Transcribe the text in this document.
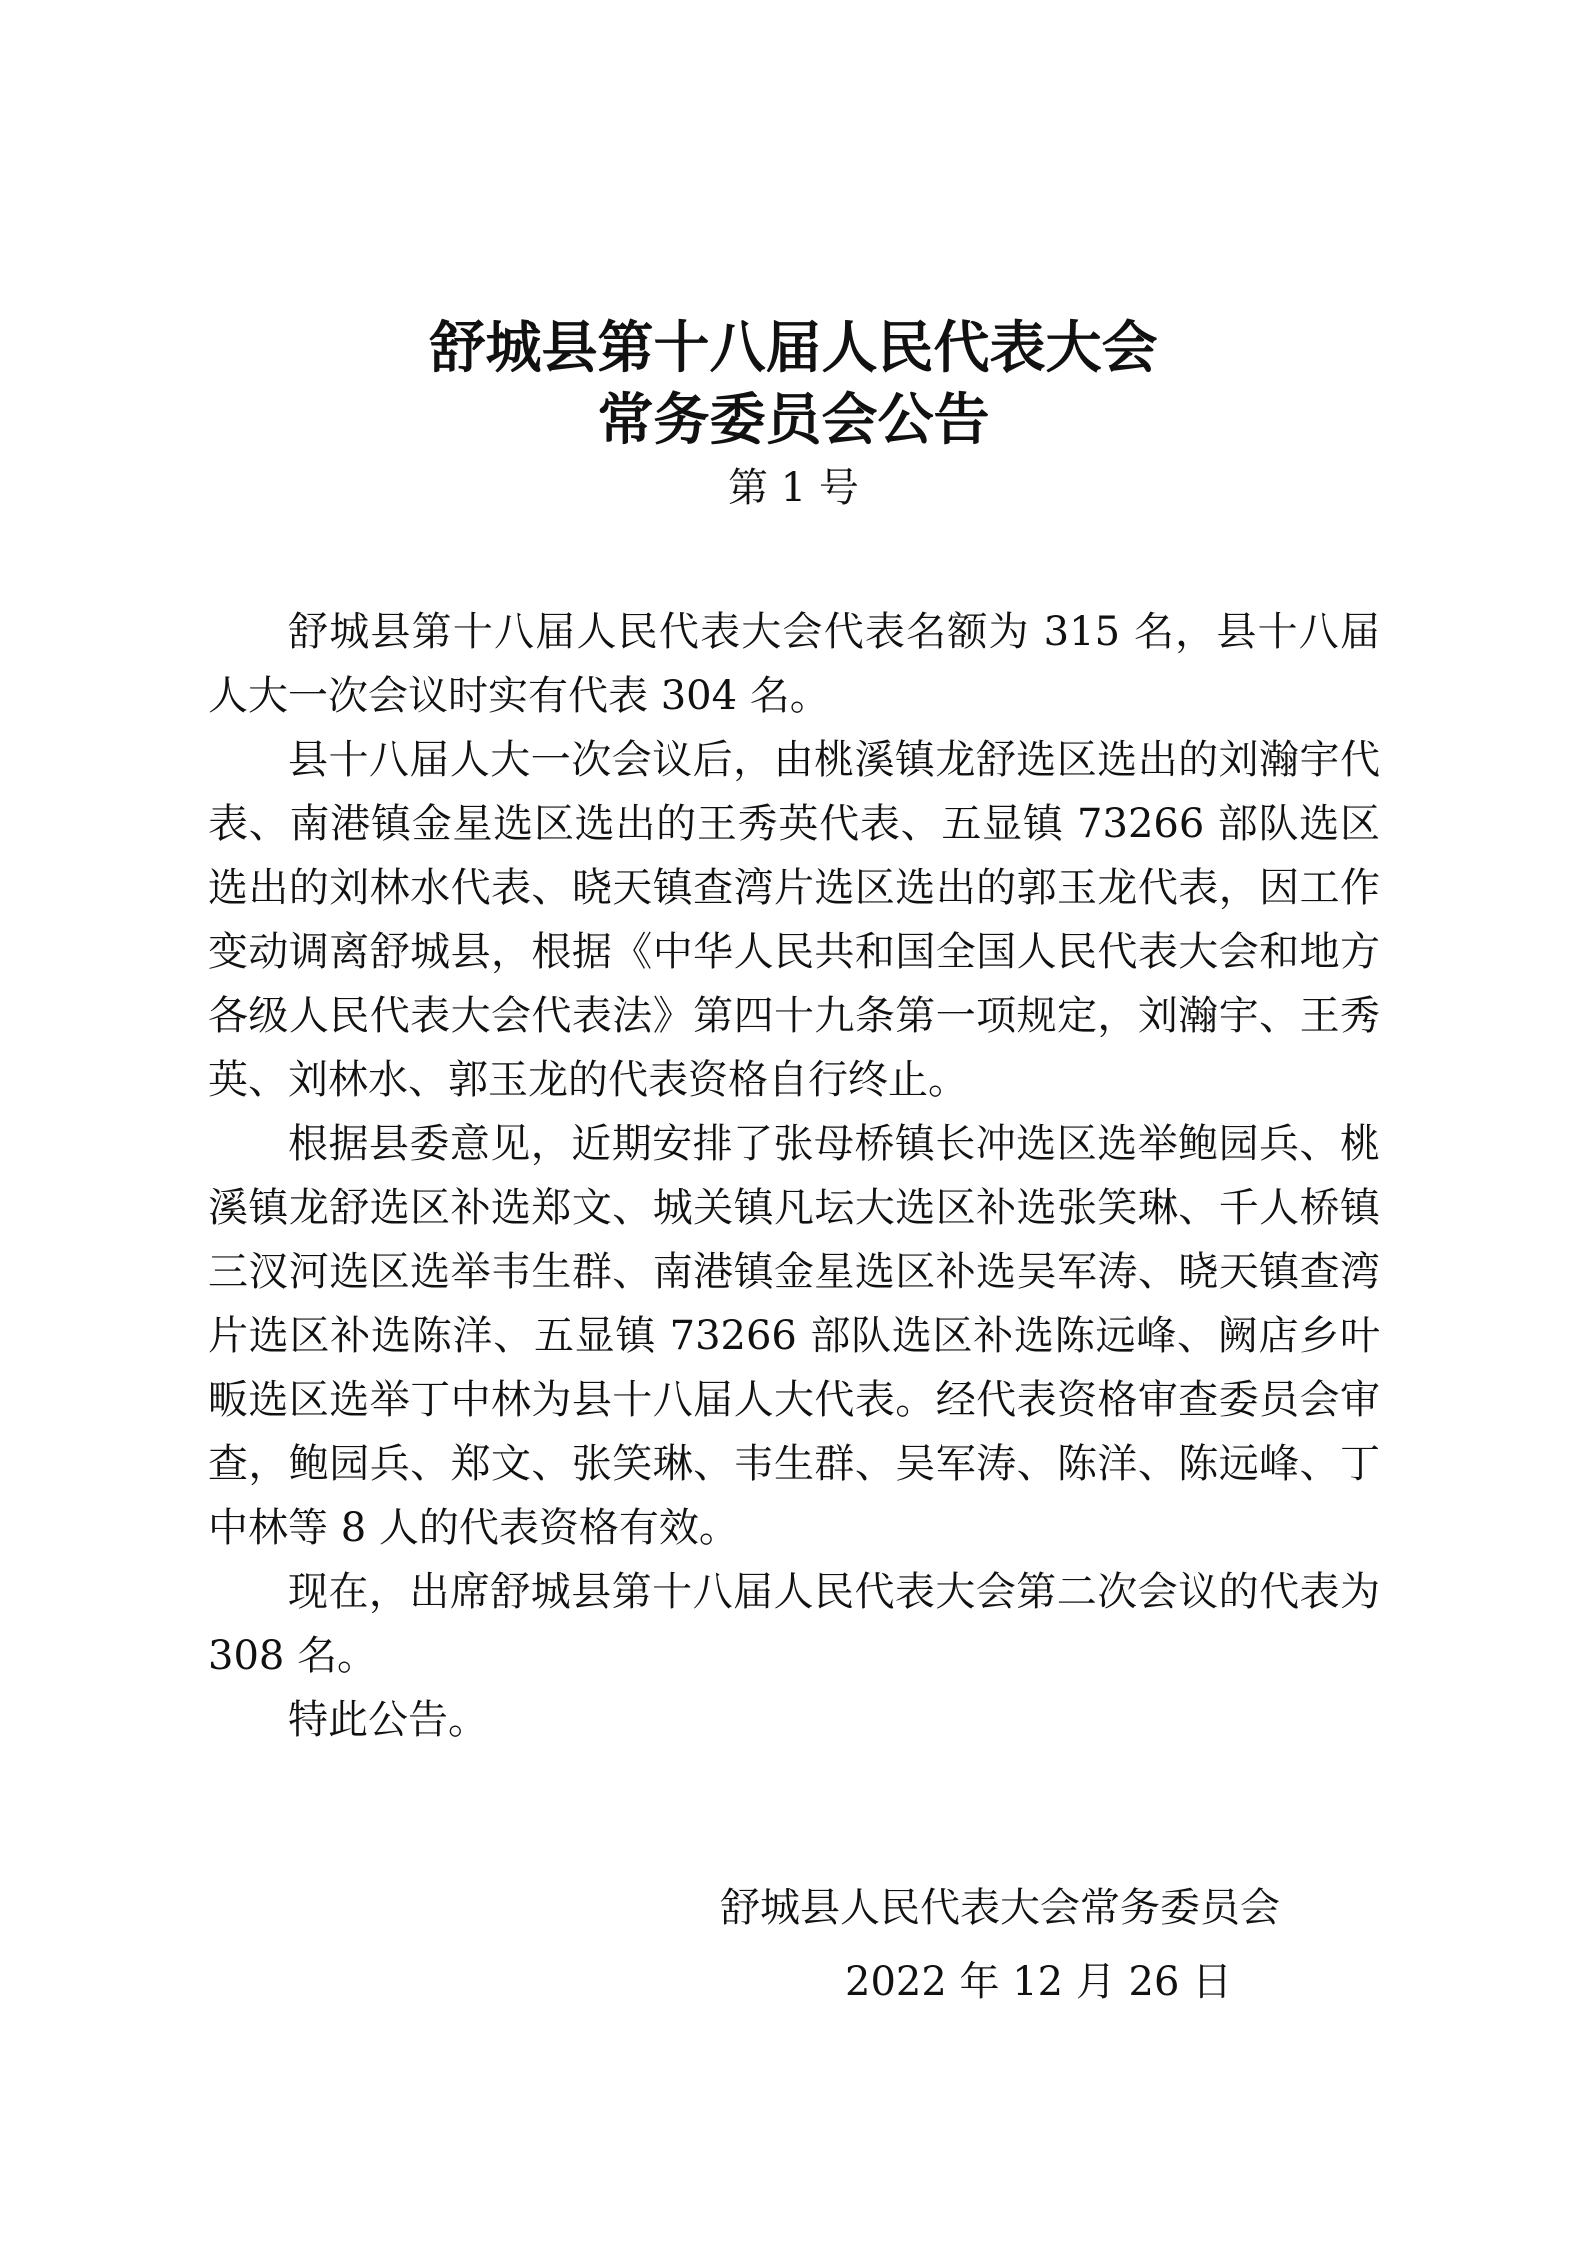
舒城县第十八届人民代表大会
常务委员会公告
第 1 号

舒城县第十八届人民代表大会代表名额为 315 名，县十八届人大一次会议时实有代表 304 名。

县十八届人大一次会议后，由桃溪镇龙舒选区选出的刘瀚宇代表、南港镇金星选区选出的王秀英代表、五显镇 73266 部队选区选出的刘林水代表、晓天镇查湾片选区选出的郭玉龙代表，因工作变动调离舒城县，根据《中华人民共和国全国人民代表大会和地方各级人民代表大会代表法》第四十九条第一项规定，刘瀚宇、王秀英、刘林水、郭玉龙的代表资格自行终止。

根据县委意见，近期安排了张母桥镇长冲选区选举鲍园兵、桃溪镇龙舒选区补选郑文、城关镇凡坛大选区补选张笑琳、千人桥镇三汊河选区选举韦生群、南港镇金星选区补选吴军涛、晓天镇查湾片选区补选陈洋、五显镇 73266 部队选区补选陈远峰、阙店乡叶畈选区选举丁中林为县十八届人大代表。经代表资格审查委员会审查，鲍园兵、郑文、张笑琳、韦生群、吴军涛、陈洋、陈远峰、丁中林等 8 人的代表资格有效。

现在，出席舒城县第十八届人民代表大会第二次会议的代表为 308 名。

特此公告。

舒城县人民代表大会常务委员会
2022 年 12 月 26 日
